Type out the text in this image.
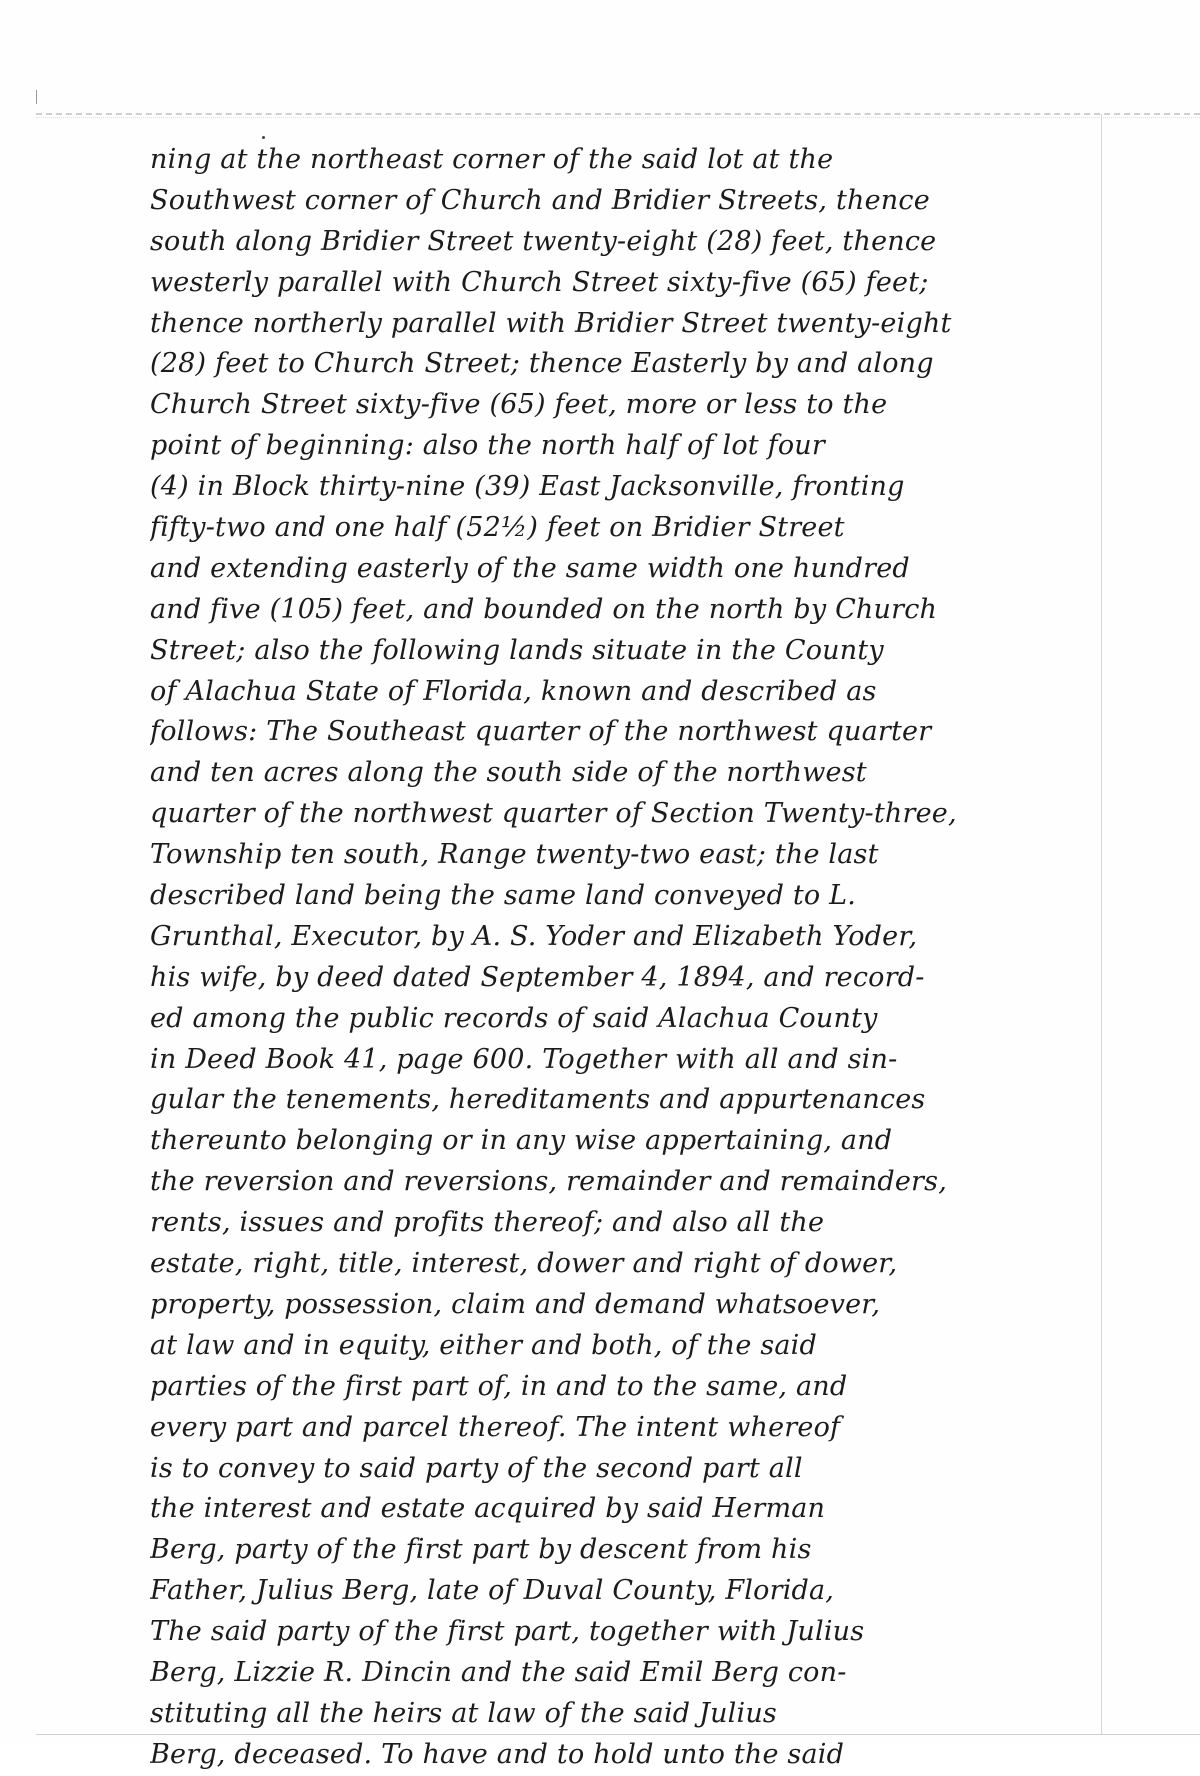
ning at the northeast corner of the said lot at the
Southwest corner of Church and Bridier Streets, thence
south along Bridier Street twenty-eight (28) feet, thence
westerly parallel with Church Street sixty-five (65) feet;
thence northerly parallel with Bridier Street twenty-eight
(28) feet to Church Street; thence Easterly by and along
Church Street sixty-five (65) feet, more or less to the
point of beginning: also the north half of lot four
(4) in Block thirty-nine (39) East Jacksonville, fronting
fifty-two and one half (52½) feet on Bridier Street
and extending easterly of the same width one hundred
and five (105) feet, and bounded on the north by Church
Street; also the following lands situate in the County
of Alachua State of Florida, known and described as
follows: The Southeast quarter of the northwest quarter
and ten acres along the south side of the northwest
quarter of the northwest quarter of Section Twenty-three,
Township ten south, Range twenty-two east; the last
described land being the same land conveyed to L.
Grunthal, Executor, by A. S. Yoder and Elizabeth Yoder,
his wife, by deed dated September 4, 1894, and record-
ed among the public records of said Alachua County
in Deed Book 41, page 600. Together with all and sin-
gular the tenements, hereditaments and appurtenances
thereunto belonging or in any wise appertaining, and
the reversion and reversions, remainder and remainders,
rents, issues and profits thereof; and also all the
estate, right, title, interest, dower and right of dower,
property, possession, claim and demand whatsoever,
at law and in equity, either and both, of the said
parties of the first part of, in and to the same, and
every part and parcel thereof. The intent whereof
is to convey to said party of the second part all
the interest and estate acquired by said Herman
Berg, party of the first part by descent from his
Father, Julius Berg, late of Duval County, Florida,
The said party of the first part, together with Julius
Berg, Lizzie R. Dincin and the said Emil Berg con-
stituting all the heirs at law of the said Julius
Berg, deceased. To have and to hold unto the said
